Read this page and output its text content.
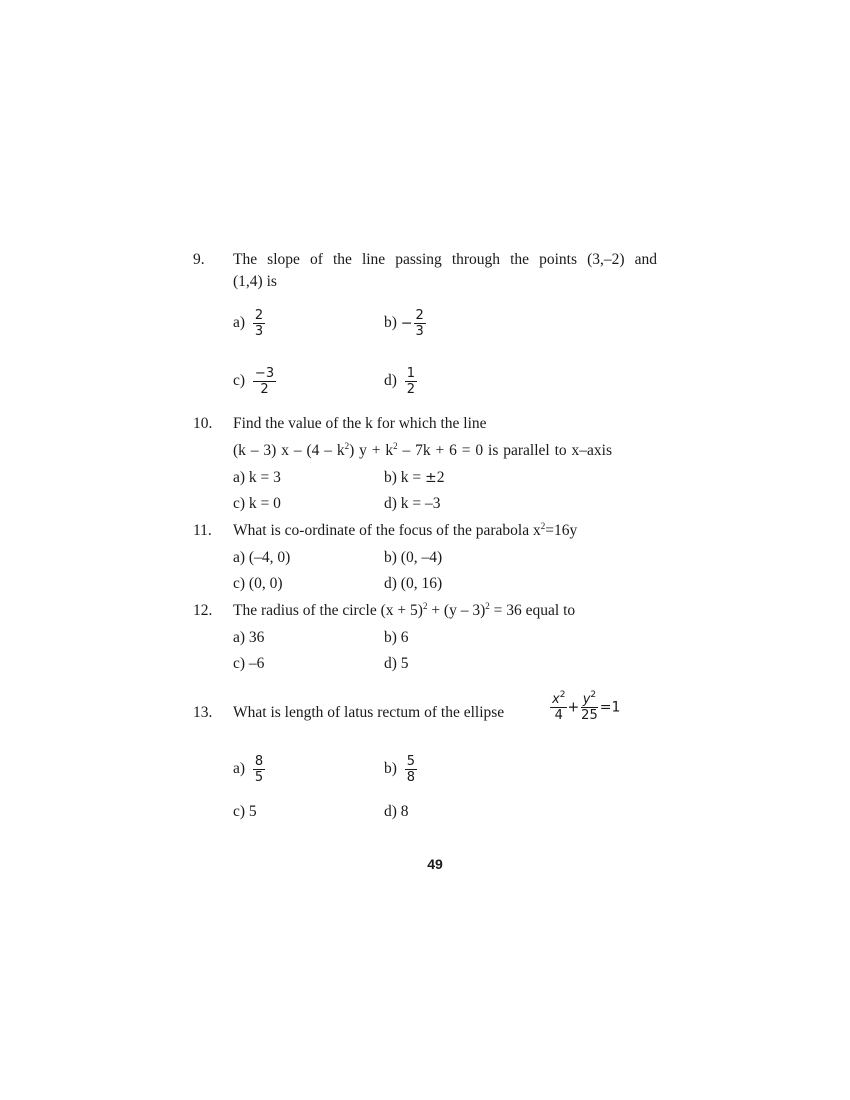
9. The slope of the line passing through the points (3,–2) and
(1,4) is
$a) \frac{2}{3}$	$b) - \frac{2}{3}$
$c) \frac{-3}{2}$	$d) \frac{1}{2}$
10. Find the value of the k for which the line
(k – 3) x – $(4 - k^2)$ $y + k^2 - 7k + 6 = 0$ is parallel to x–axis
a) k = 3	b) k = ±2
c) k = 0	d) k = –3
11. What is co-ordinate of the focus of the parabola $x^2=16y$
a) (–4, 0)	b) (0, –4)
c) (0, 0)	d) (0, 16)
12. The radius of the circle $(x + 5)^2 + (y - 3)^2 = 36$ equal to
a) 36	b) 6
c) –6	d) 5
13. What is length of latus rectum of the ellipse	$\frac{x^2}{4} + \frac{y^2}{25} =1$
$a) \frac{8}{5}$	$b) \frac{5}{8}$
c) 5	d) 8
49
